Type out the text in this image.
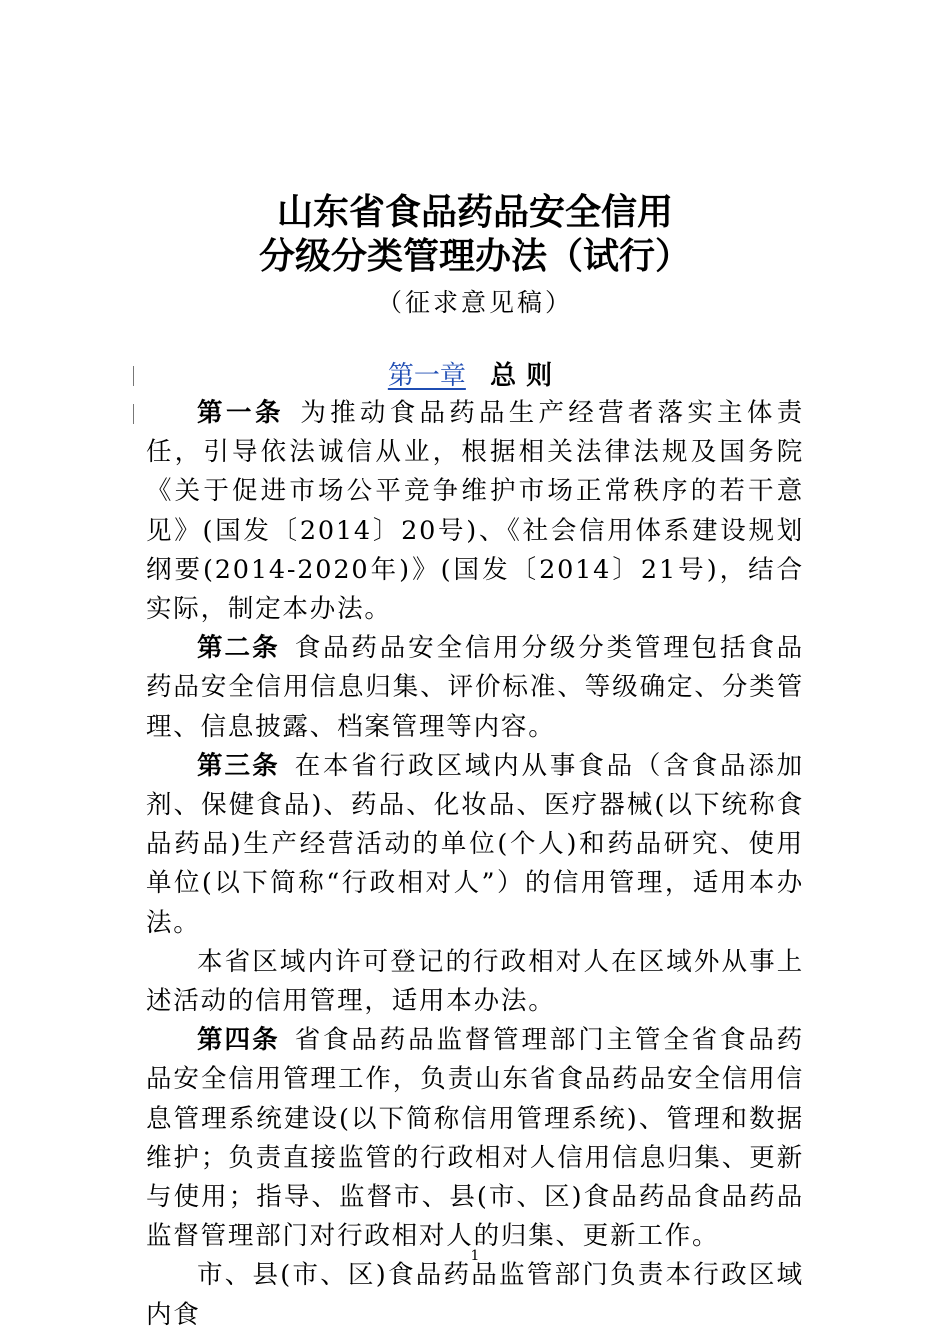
山东省食品药品安全信用
分级分类管理办法（试行）
（征求意见稿）
第一章 总则

第一条 为推动食品药品生产经营者落实主体责任，引导依法诚信从业，根据相关法律法规及国务院《关于促进市场公平竞争维护市场正常秩序的若干意见》(国发〔2014〕20号)、《社会信用体系建设规划纲要(2014-2020年)》(国发〔2014〕21号)，结合实际，制定本办法。

第二条 食品药品安全信用分级分类管理包括食品药品安全信用信息归集、评价标准、等级确定、分类管理、信息披露、档案管理等内容。

第三条 在本省行政区域内从事食品（含食品添加剂、保健食品)、药品、化妆品、医疗器械(以下统称食品药品)生产经营活动的单位(个人)和药品研究、使用单位(以下简称“行政相对人”）的信用管理，适用本办法。

本省区域内许可登记的行政相对人在区域外从事上述活动的信用管理，适用本办法。

第四条 省食品药品监督管理部门主管全省食品药品安全信用管理工作，负责山东省食品药品安全信用信息管理系统建设(以下简称信用管理系统)、管理和数据维护；负责直接监管的行政相对人信用信息归集、更新与使用；指导、监督市、县(市、区)食品药品食品药品监督管理部门对行政相对人的归集、更新工作。

市、县(市、区)食品药品监管部门负责本行政区域内食

1
